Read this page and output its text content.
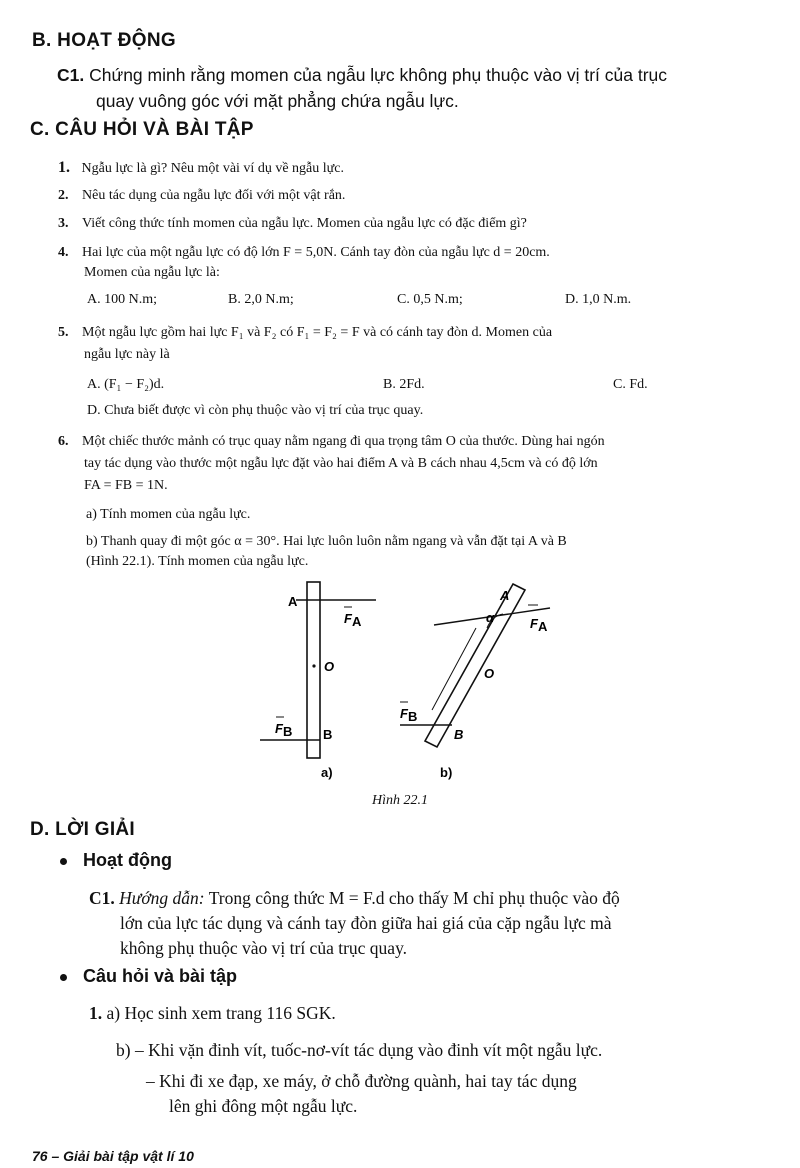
B. HOẠT ĐỘNG
C1. Chứng minh rằng momen của ngẫu lực không phụ thuộc vào vị trí của trục
quay vuông góc với mặt phẳng chứa ngẫu lực.
C. CÂU HỎI VÀ BÀI TẬP
1. Ngẫu lực là gì? Nêu một vài ví dụ về ngẫu lực.
2. Nêu tác dụng của ngẫu lực đối với một vật rắn.
3. Viết công thức tính momen của ngẫu lực. Momen của ngẫu lực có đặc điểm gì?
4. Hai lực của một ngẫu lực có độ lớn F = 5,0N. Cánh tay đòn của ngẫu lực d = 20cm.
Momen của ngẫu lực là:
A. 100 N.m;	B. 2,0 N.m;	C. 0,5 N.m;	D. 1,0 N.m.
5. Một ngẫu lực gồm hai lực F₁ và F₂ có F₁ = F₂ = F và có cánh tay đòn d. Momen của
ngẫu lực này là
A. (F₁ − F₂)d.	B. 2Fd.	C. Fd.
D. Chưa biết được vì còn phụ thuộc vào vị trí của trục quay.
6. Một chiếc thước mảnh có trục quay nằm ngang đi qua trọng tâm O của thước. Dùng hai ngón
tay tác dụng vào thước một ngẫu lực đặt vào hai điểm A và B cách nhau 4,5cm và có độ lớn
FA = FB = 1N.
a) Tính momen của ngẫu lực.
b) Thanh quay đi một góc α = 30°. Hai lực luôn luôn nằm ngang và vẫn đặt tại A và B
(Hình 22.1). Tính momen của ngẫu lực.
A
B
O
F A
F B
a)
α
A
B
O
F A
F B
b)
Hình 22.1
D. LỜI GIẢI
Hoạt động
C1. Hướng dẫn: Trong công thức M = F.d cho thấy M chỉ phụ thuộc vào độ
lớn của lực tác dụng và cánh tay đòn giữa hai giá của cặp ngẫu lực mà
không phụ thuộc vào vị trí của trục quay.
Câu hỏi và bài tập
1. a) Học sinh xem trang 116 SGK.
b) – Khi vặn đinh vít, tuốc-nơ-vít tác dụng vào đinh vít một ngẫu lực.
– Khi đi xe đạp, xe máy, ở chỗ đường quành, hai tay tác dụng
lên ghi đông một ngẫu lực.
76 – Giải bài tập vật lí 10
